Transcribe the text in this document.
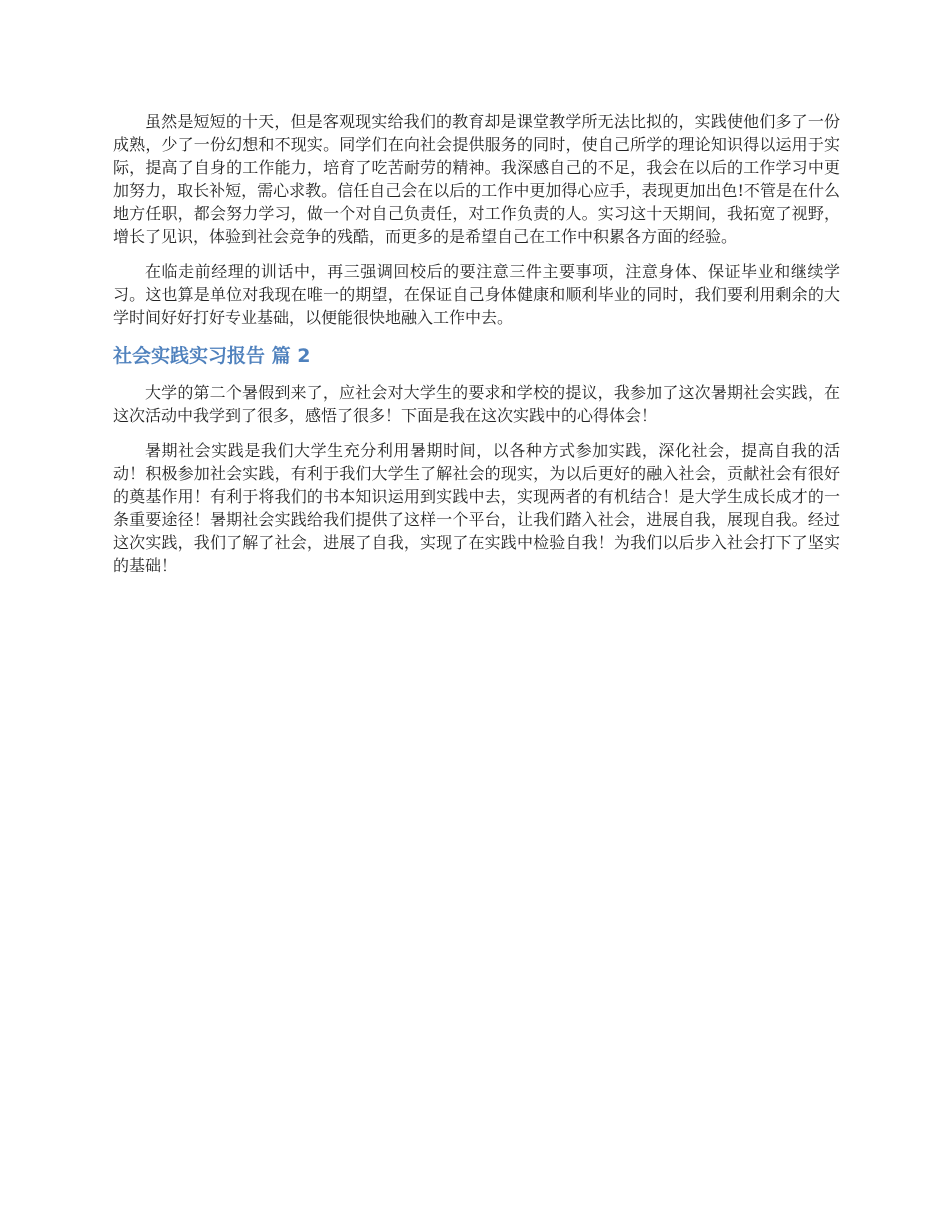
虽然是短短的十天，但是客观现实给我们的教育却是课堂教学所无法比拟的，实践使他们多了一份成熟，少了一份幻想和不现实。同学们在向社会提供服务的同时，使自己所学的理论知识得以运用于实际，提高了自身的工作能力，培育了吃苦耐劳的精神。我深感自己的不足，我会在以后的工作学习中更加努力，取长补短，需心求教。信任自己会在以后的工作中更加得心应手，表现更加出色!不管是在什么地方任职，都会努力学习，做一个对自己负责任，对工作负责的人。实习这十天期间，我拓宽了视野，增长了见识，体验到社会竞争的残酷，而更多的是希望自己在工作中积累各方面的经验。

在临走前经理的训话中，再三强调回校后的要注意三件主要事项，注意身体、保证毕业和继续学习。这也算是单位对我现在唯一的期望，在保证自己身体健康和顺利毕业的同时，我们要利用剩余的大学时间好好打好专业基础，以便能很快地融入工作中去。

社会实践实习报告 篇 2

大学的第二个暑假到来了，应社会对大学生的要求和学校的提议，我参加了这次暑期社会实践，在这次活动中我学到了很多，感悟了很多！下面是我在这次实践中的心得体会！

暑期社会实践是我们大学生充分利用暑期时间，以各种方式参加实践，深化社会，提高自我的活动！积极参加社会实践，有利于我们大学生了解社会的现实，为以后更好的融入社会，贡献社会有很好的奠基作用！有利于将我们的书本知识运用到实践中去，实现两者的有机结合！是大学生成长成才的一条重要途径！暑期社会实践给我们提供了这样一个平台，让我们踏入社会，进展自我，展现自我。经过这次实践，我们了解了社会，进展了自我，实现了在实践中检验自我！为我们以后步入社会打下了坚实的基础！
